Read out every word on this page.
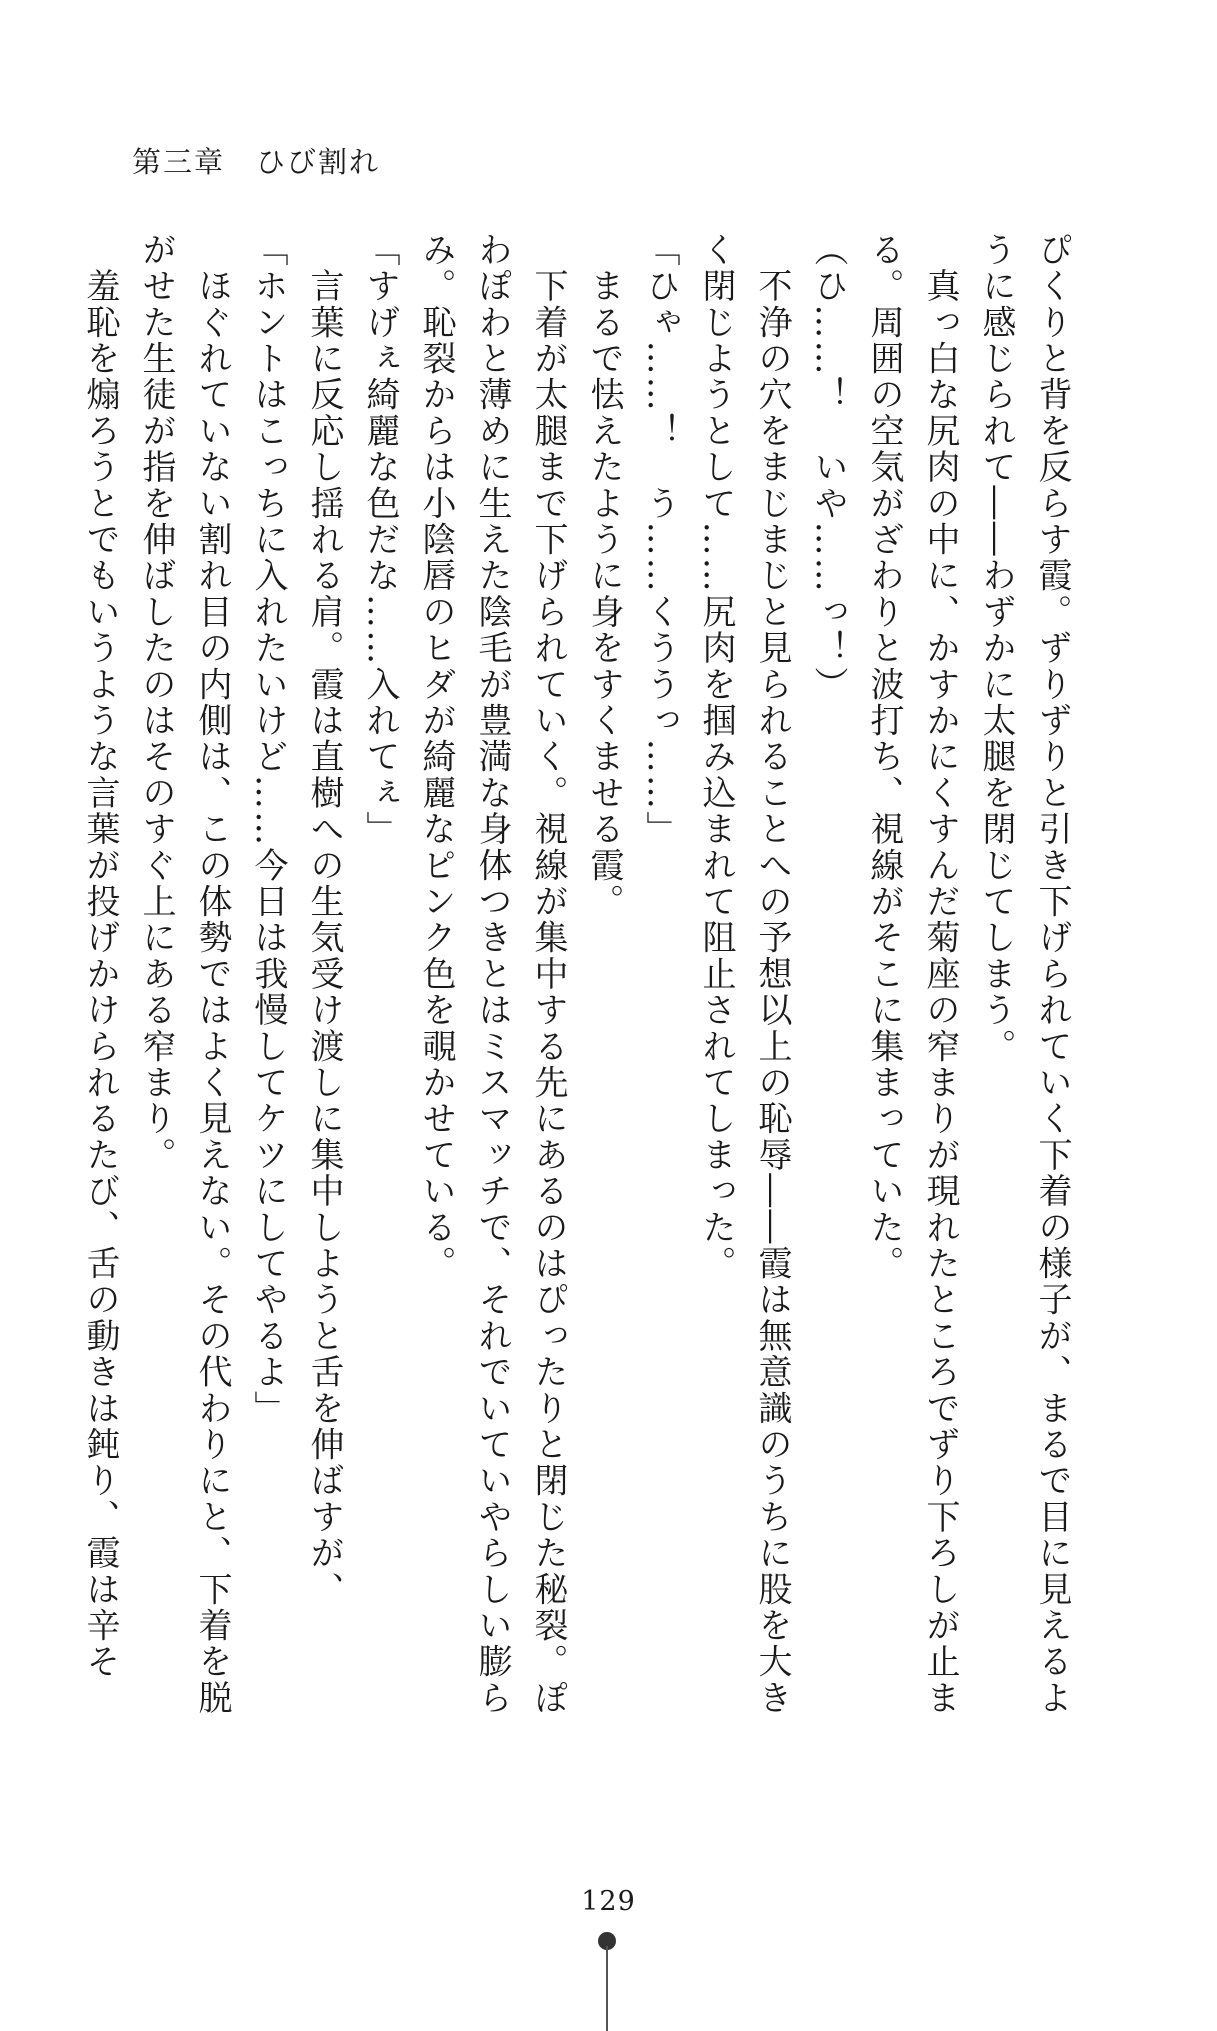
第三章　ひび割れ

ぴくりと背を反らす霞。ずりずりと引き下げられていく下着の様子が、まるで目に見えるように感じられて――わずかに太腿を閉じてしまう。

　真っ白な尻肉の中に、かすかにくすんだ菊座の窄まりが現れたところでずり下ろしが止まる。周囲の空気がざわりと波打ち、視線がそこに集まっていた。

（ひ……！　いや……っ！）

　不浄の穴をまじまじと見られることへの予想以上の恥辱――霞は無意識のうちに股を大きく閉じようとして……尻肉を掴み込まれて阻止されてしまった。

「ひゃ……！　う……くううっ……」

　まるで怯えたように身をすくませる霞。

　下着が太腿まで下げられていく。視線が集中する先にあるのはぴったりと閉じた秘裂。ぽわぽわと薄めに生えた陰毛が豊満な身体つきとはミスマッチで、それでいていやらしい膨らみ。恥裂からは小陰唇のヒダが綺麗なピンク色を覗かせている。

「すげぇ綺麗な色だな……入れてぇ」

　言葉に反応し揺れる肩。霞は直樹への生気受け渡しに集中しようと舌を伸ばすが、

「ホントはこっちに入れたいけど……今日は我慢してケツにしてやるよ」

　ほぐれていない割れ目の内側は、この体勢ではよく見えない。その代わりにと、下着を脱がせた生徒が指を伸ばしたのはそのすぐ上にある窄まり。

　羞恥を煽ろうとでもいうような言葉が投げかけられるたび、舌の動きは鈍り、霞は辛そ

129
